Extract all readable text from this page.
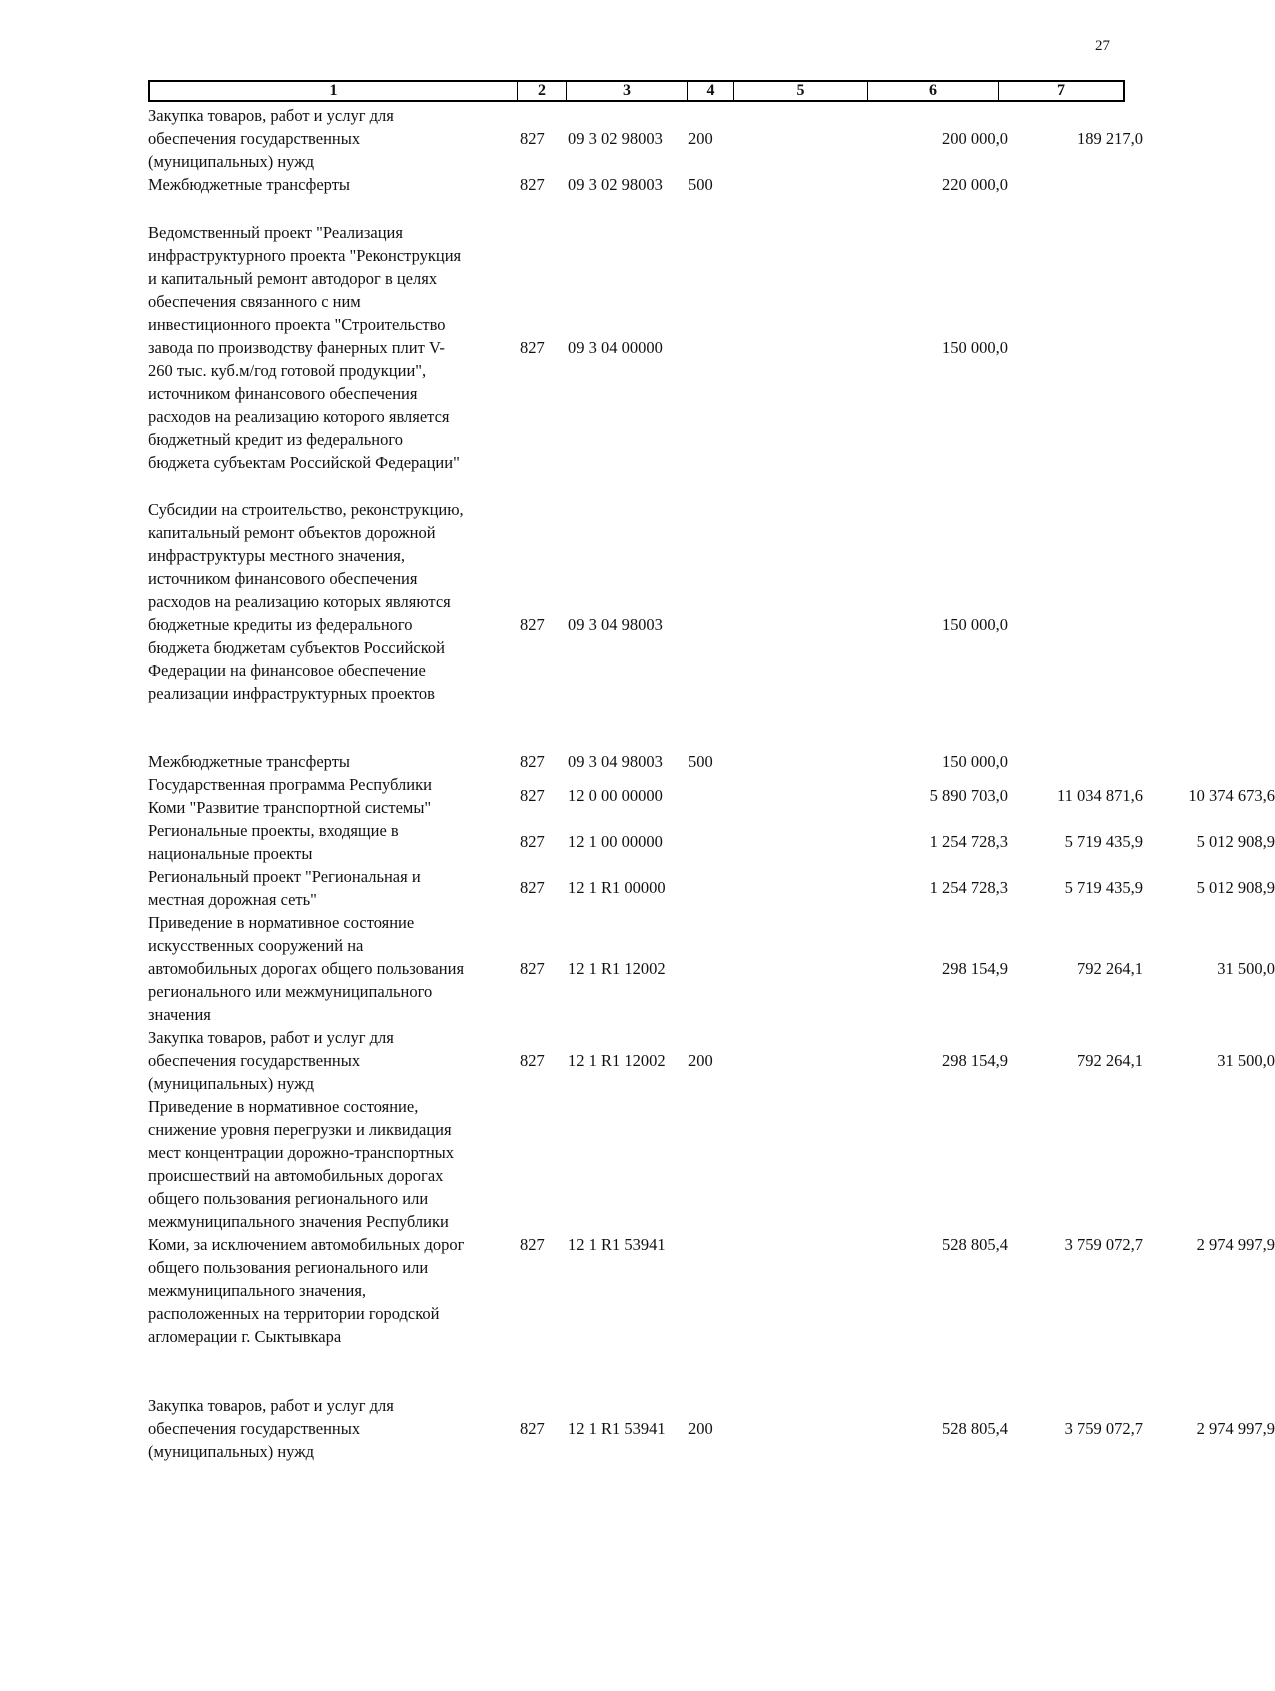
27
1	2	3	4	5	6	7
Закупка товаров, работ и услуг для
обеспечения государственных
(муниципальных) нужд
827 09 3 02 98003 200	200 000,0	189 217,0
Межбюджетные трансферты	827 09 3 02 98003 500	220 000,0
Ведомственный проект "Реализация
инфраструктурного проекта "Реконструкция
и капитальный ремонт автодорог в целях
обеспечения связанного с ним
инвестиционного проекта "Строительство
завода по производству фанерных плит V-
260 тыс. куб.м/год готовой продукции",
источником финансового обеспечения
расходов на реализацию которого является
бюджетный кредит из федерального
бюджета субъектам Российской Федерации"
827 09 3 04 00000	150 000,0
Субсидии на строительство, реконструкцию,
капитальный ремонт объектов дорожной
инфраструктуры местного значения,
источником финансового обеспечения
расходов на реализацию которых являются
бюджетные кредиты из федерального
бюджета бюджетам субъектов Российской
Федерации на финансовое обеспечение
реализации инфраструктурных проектов
827 09 3 04 98003	150 000,0
Межбюджетные трансферты	827 09 3 04 98003 500	150 000,0
Государственная программа Республики
Коми "Развитие транспортной системы"
827 12 0 00 00000	5 890 703,0	11 034 871,6	10 374 673,6
Региональные проекты, входящие в
национальные проекты
827 12 1 00 00000	1 254 728,3	5 719 435,9	5 012 908,9
Региональный проект "Региональная и
местная дорожная сеть"
827 12 1 R1 00000	1 254 728,3	5 719 435,9	5 012 908,9
Приведение в нормативное состояние
искусственных сооружений на
автомобильных дорогах общего пользования
регионального или межмуниципального
значения
827 12 1 R1 12002	298 154,9	792 264,1	31 500,0
Закупка товаров, работ и услуг для
обеспечения государственных
(муниципальных) нужд
827 12 1 R1 12002 200	298 154,9	792 264,1	31 500,0
Приведение в нормативное состояние,
снижение уровня перегрузки и ликвидация
мест концентрации дорожно-транспортных
происшествий на автомобильных дорогах
общего пользования регионального или
межмуниципального значения Республики
Коми, за исключением автомобильных дорог
общего пользования регионального или
межмуниципального значения,
расположенных на территории городской
агломерации г. Сыктывкара
827 12 1 R1 53941	528 805,4	3 759 072,7	2 974 997,9
Закупка товаров, работ и услуг для
обеспечения государственных
(муниципальных) нужд
827 12 1 R1 53941 200	528 805,4	3 759 072,7	2 974 997,9
